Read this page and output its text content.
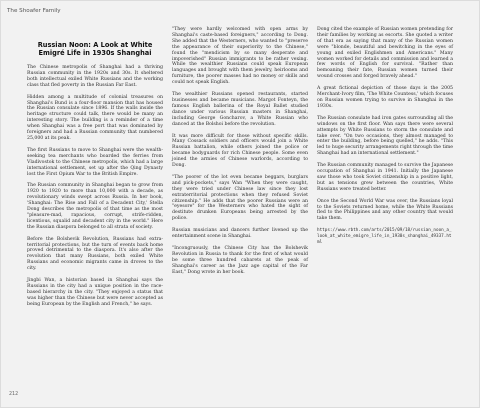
The Shoafer Family
Russian Noon: A Look at White Emigré Life in 1930s Shanghai

The Chinese metropolis of Shanghai had a thriving Russian community in the 1920s and 30s. It sheltered both intellectual exiled White Russians and the working class that fled poverty in the Russian Far East.

Hidden among a multitude of colonial treasures on Shanghai's Bund is a four-floor mansion that has housed the Russian consulate since 1896. If the walls inside the heritage structure could talk, there would be many an interesting story. The building is a reminder of a time when Shanghai was a free port that was dominated by foreigners and had a Russian community that numbered 25,000 at its peak.

The first Russians to move to Shanghai were the wealth-seeking tea merchants who boarded the ferries from Vladivostok to the Chinese metropolis, which had a large international settlement, set up after the Qing Dynasty lost the First Opium War to the British Empire.

The Russian community in Shanghai began to grow from 1920 to 1920 to more than 10,000 with a decade, as revolutionary winds swept across Russia. In her book, 'Shanghai: The Rise and Fall of a Decadent City,' Stella Dong describes the metropolis of that time as the most "pleasure-mad, rapacious, corrupt, strife-ridden, licentious, squalid and decadent city in the world." Here the Russian diaspora belonged to all strata of society.

Before the Bolshevik Revolution, Russians had extra-territorial protections, but the turn of events back home proved detrimental to the diaspora. It's also after the revolution that many Russians, both exiled White Russians and economic migrants came in droves to the city.

Jingbi Wan, a historian based in Shanghai says the Russians in the city had a unique position in the race-based hierarchy in the city. "They enjoyed a status that was higher than the Chinese but were never accepted as being European by the English and French," he says.

"They were hardly welcomed with open arms by Shanghai's caste-based foreigners," according to Dong. She added that the Westerners, who wanted to "preserve the appearance of their superiority to the Chinese," found the "mendicism by so many desperate and impoverished" Russian immigrants to be rather vexing. While the wealthier Russians could speak European languages and brought with them jewelry, heirlooms and furniture, the poorer masses had no money or skills and could not speak English.

The wealthier Russians opened restaurants, started businesses and became musicians. Margot Fonteyn, the famous English ballerina of the Royal Ballet studied dance under various Russian masters in Shanghai, including George Goncharov, a White Russian who danced at the Bolshoi before the revolution.

It was more difficult for those without specific skills. Many Cossack soldiers and officers would join a White Russian battalion, while others joined the police or became bodyguards for rich Chinese people. Some even joined the armies of Chinese warlords, according to Dong.

"The poorer of the lot even became beggars, burglars and pick-pockets," says Wan "When they were caught, they were tried under Chinese law since they lost extraterritorial protections when they refused Soviet citizenship." He adds that the poorer Russians were an "eyesore" for the Westerners who hated the sight of destitute drunken Europeans being arrested by the police.

Russian musicians and dancers further livened up the entertainment scene in Shanghai.

"Incongruously, the Chinese City has the Bolshevik Revolution in Russia to thank for the first of what would be some three hundred cabarets at the peak of Shanghai's career as the Jazz age capital of the Far East," Dong wrote in her book.

Dong cited the example of Russian women pretending for their families by working as escorts. She quoted a writer of that era as saying that many of the Russian women were "blonde, beautiful and bewitching in the eyes of young and exiled Englishmen and Americans." Many women worked for details and commission and learned a few words of English for survival. "Rather than bemoaning their fate, Russian women turned their wound crosses and forged bravely ahead."

A great fictional depiction of those days is the 2005 Merchant-Ivory film, 'The White Countess,' which focuses on Russian women trying to survive in Shanghai in the 1930s.

The Russian consulate had iron gates surrounding all the windows on the first floor. Wan says there were several attempts by White Russians to storm the consulate and take over. "On two occasions, they almost managed to enter the building, before being quelled," he adds. "This led to huge security arrangements right through the time Shanghai had an international settlement."

The Russian community managed to survive the Japanese occupation of Shanghai in 1941. Initially the Japanese saw those who took Soviet citizenship in a positive light, but as tensions grew between the countries, White Russians were treated better.

Once the Second World War was over, the Russians loyal to the Soviets returned home, while the White Russians fled to the Philippines and any other country that would take them.

https://www.rbth.com/arts/2015/09/18/russian_noon_a_look_at_white_emigre_life_in_1930s_shanghai_49337.html

212
